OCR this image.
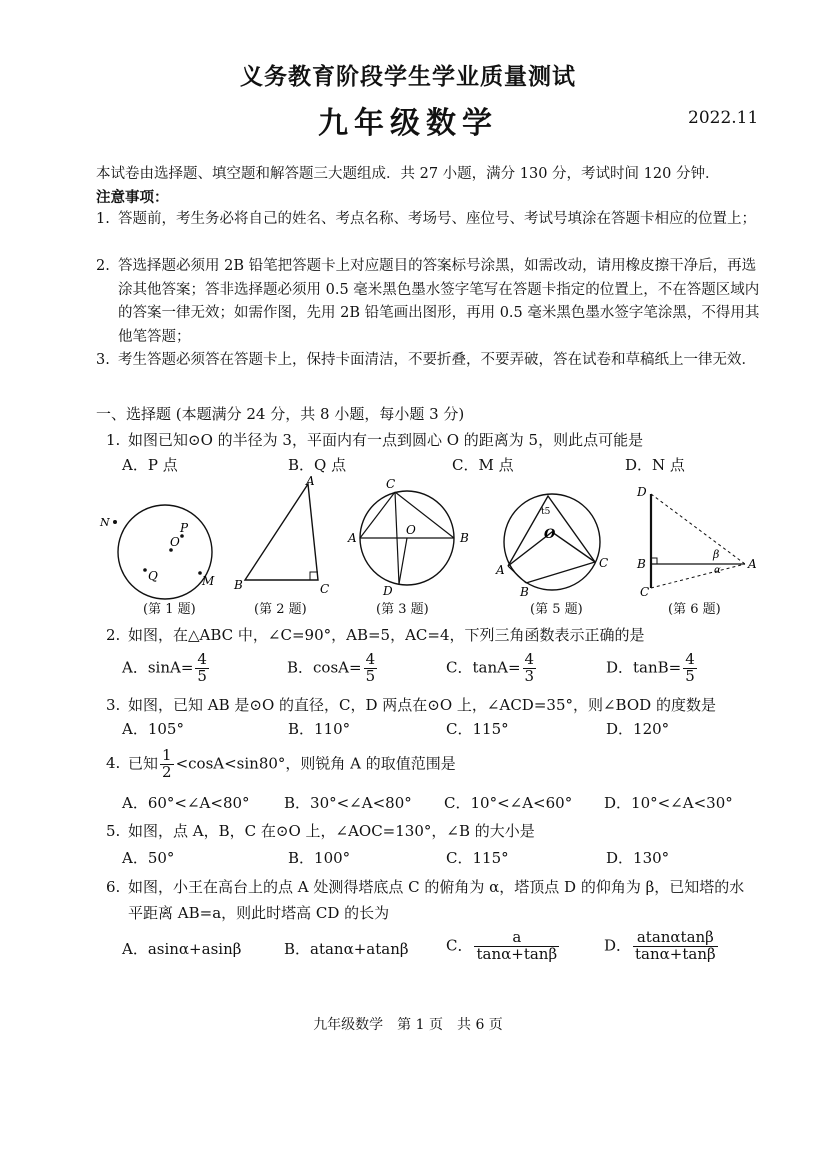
义务教育阶段学生学业质量测试
九年级数学	2022.11
本试卷由选择题、填空题和解答题三大题组成．共 27 小题，满分 130 分，考试时间 120 分钟．
注意事项：
1. 答题前，考生务必将自己的姓名、考点名称、考场号、座位号、考试号填涂在答题卡相应的位置上；
2. 答选择题必须用 2B 铅笔把答题卡上对应题目的答案标号涂黑，如需改动，请用橡皮擦干净后，再选涂其他答案；答非选择题必须用 0.5 毫米黑色墨水签字笔写在答题卡指定的位置上，不在答题区域内的答案一律无效；如需作图，先用 2B 铅笔画出图形，再用 0.5 毫米黑色墨水签字笔涂黑，不得用其他笔答题；
3. 考生答题必须答在答题卡上，保持卡面清洁，不要折叠，不要弄破，答在试卷和草稿纸上一律无效．
一、选择题 (本题满分 24 分，共 8 小题，每小题 3 分)
1. 如图已知⊙O 的半径为 3，平面内有一点到圆心 O 的距离为 5，则此点可能是
A．P 点	B．Q 点	C．M 点	D．N 点
N
O
P
Q	M
A
B	C
C
A
O
B
D
t5
O
A
B
C
D
B
C
A
β
α
(第 1 题)	(第 2 题)	(第 3 题)	(第 5 题)	(第 6 题)
2. 如图，在△ABC 中，∠C=90°，AB=5，AC=4，下列三角函数表示正确的是
A．$\sin A= \frac{4}{5}$	B．$\cos A= \frac{4}{5}$	C．$\tan A= \frac{4}{3}$	D．$\tan B= \frac{4}{5}$
3. 如图，已知 AB 是⊙O 的直径，C，D 两点在⊙O 上，∠ACD=35°，则∠BOD 的度数是
A．105°	B．110°	C．115°	D．120°
4. 已知 $\frac{1}{2} <\cos A<\sin 80^\circ$，则锐角 A 的取值范围是
A．60°<∠A<80° B．30°<∠A<80° C．10°<∠A<60° D．10°<∠A<30°
5. 如图，点 A，B，C 在⊙O 上，∠AOC=130°，∠B 的大小是
A．50°	B．100°	C．115°	D．130°
6. 如图，小王在高台上的点 A 处测得塔底点 C 的俯角为 α，塔顶点 D 的仰角为 β，已知塔的水
平距离 AB=a，则此时塔高 CD 的长为
A．asinα+asinβ	B．atanα+atanβ C． $\frac{a}{\tan\alpha+\tan\beta}$	D． $\frac{atan\alpha\tan\beta}{\tan\alpha+\tan\beta}$
九年级数学　第 1 页　共 6 页
